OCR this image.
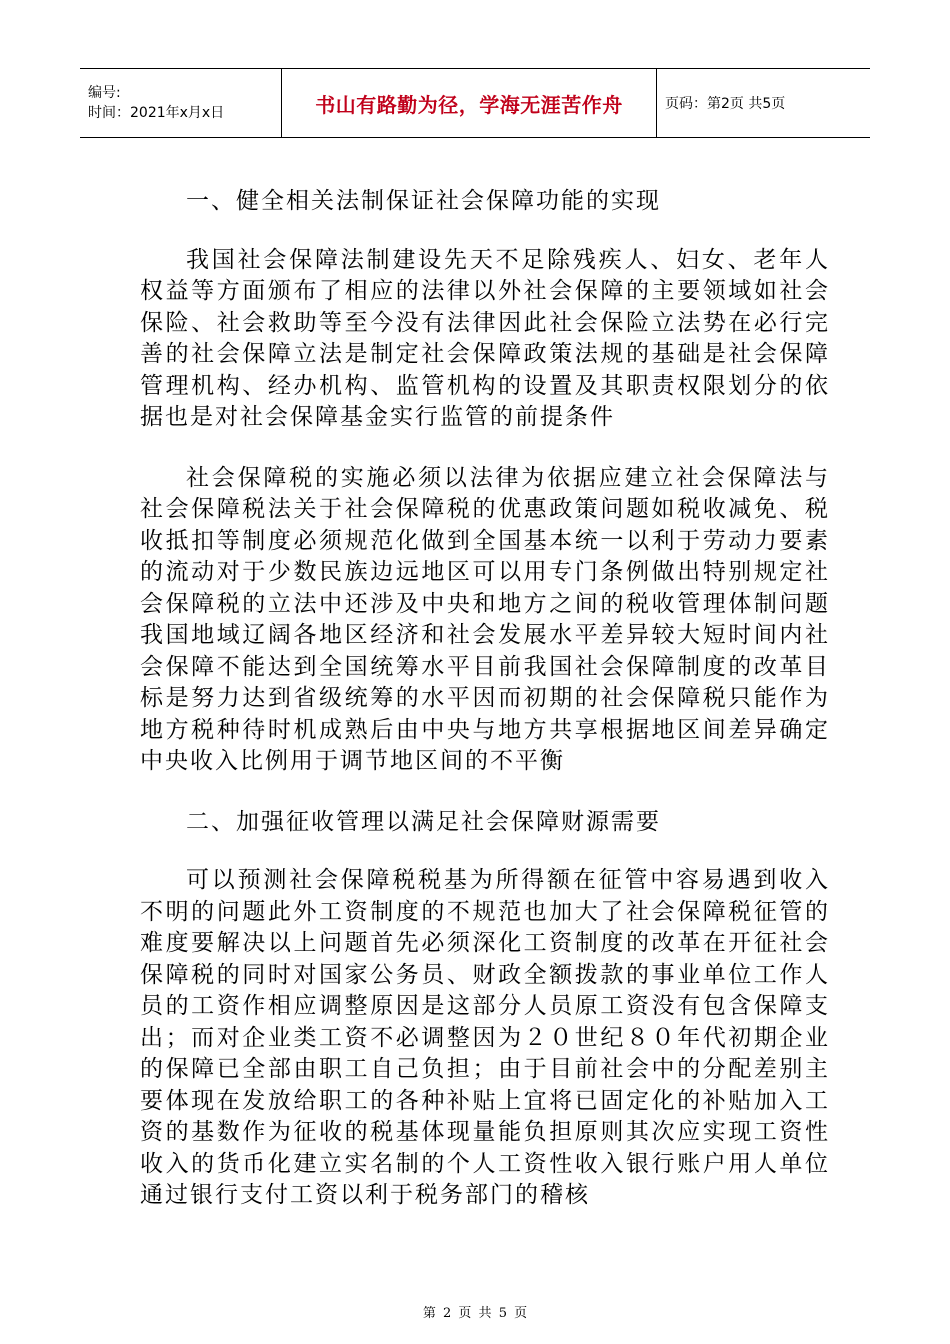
编号:
时间：2021年x月x日	书山有路勤为径，学海无涯苦作舟	页码：第2页 共5页

一、健全相关法制保证社会保障功能的实现

我国社会保障法制建设先天不足除残疾人、妇女、老年人权益等方面颁布了相应的法律以外社会保障的主要领域如社会保险、社会救助等至今没有法律因此社会保险立法势在必行完善的社会保障立法是制定社会保障政策法规的基础是社会保障管理机构、经办机构、监管机构的设置及其职责权限划分的依据也是对社会保障基金实行监管的前提条件

社会保障税的实施必须以法律为依据应建立社会保障法与社会保障税法关于社会保障税的优惠政策问题如税收减免、税收抵扣等制度必须规范化做到全国基本统一以利于劳动力要素的流动对于少数民族边远地区可以用专门条例做出特别规定社会保障税的立法中还涉及中央和地方之间的税收管理体制问题我国地域辽阔各地区经济和社会发展水平差异较大短时间内社会保障不能达到全国统筹水平目前我国社会保障制度的改革目标是努力达到省级统筹的水平因而初期的社会保障税只能作为地方税种待时机成熟后由中央与地方共享根据地区间差异确定中央收入比例用于调节地区间的不平衡

二、加强征收管理以满足社会保障财源需要

可以预测社会保障税税基为所得额在征管中容易遇到收入不明的问题此外工资制度的不规范也加大了社会保障税征管的难度要解决以上问题首先必须深化工资制度的改革在开征社会保障税的同时对国家公务员、财政全额拨款的事业单位工作人员的工资作相应调整原因是这部分人员原工资没有包含保障支出；而对企业类工资不必调整因为２０世纪８０年代初期企业的保障已全部由职工自己负担；由于目前社会中的分配差别主要体现在发放给职工的各种补贴上宜将已固定化的补贴加入工资的基数作为征收的税基体现量能负担原则其次应实现工资性收入的货币化建立实名制的个人工资性收入银行账户用人单位通过银行支付工资以利于税务部门的稽核

第 2 页 共 5 页
